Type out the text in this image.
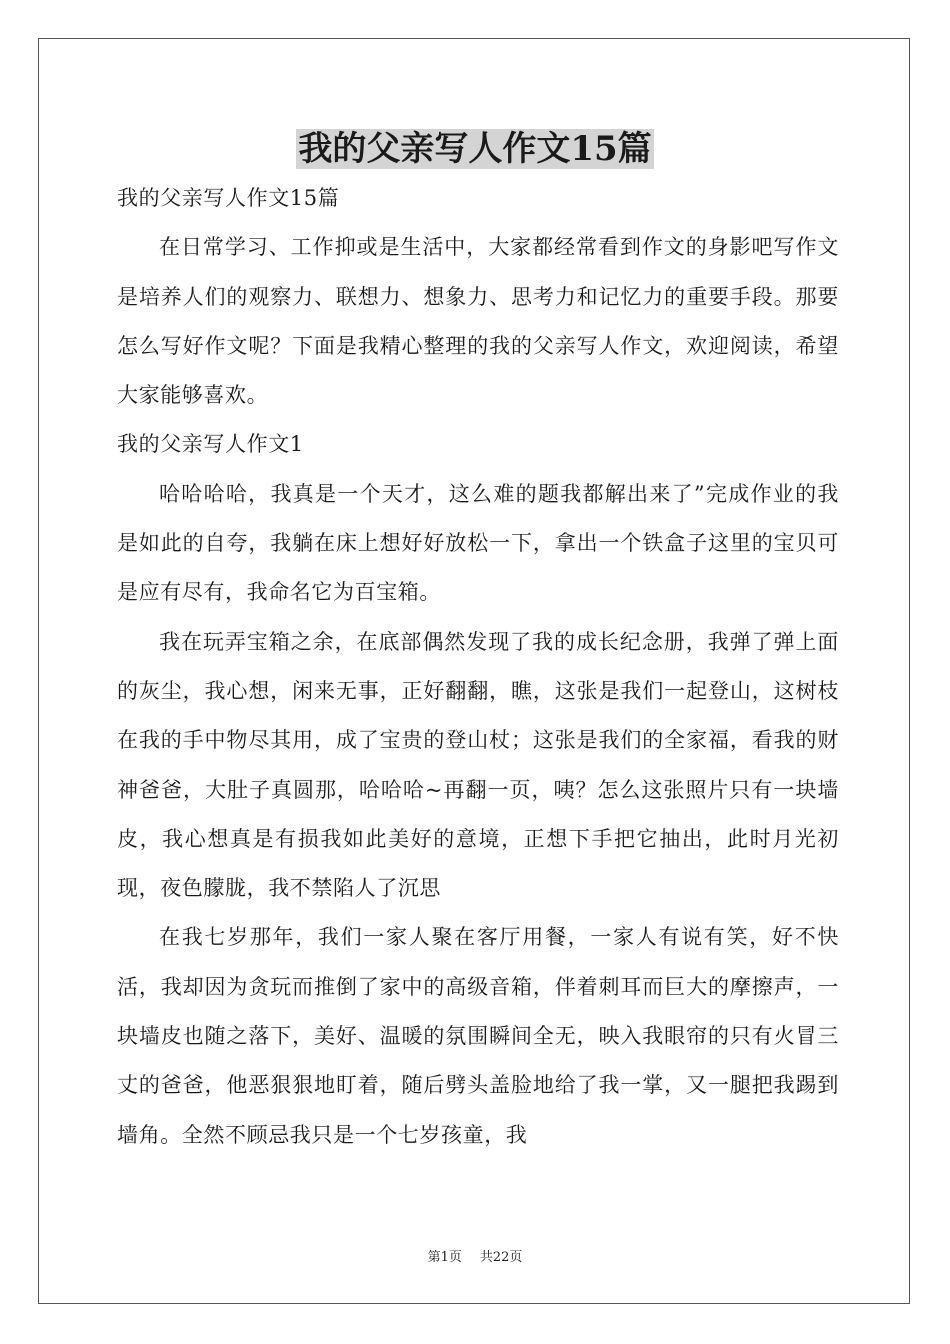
我的父亲写人作文15篇

我的父亲写人作文15篇

在日常学习、工作抑或是生活中，大家都经常看到作文的身影吧写作文是培养人们的观察力、联想力、想象力、思考力和记忆力的重要手段。那要怎么写好作文呢？下面是我精心整理的我的父亲写人作文，欢迎阅读，希望大家能够喜欢。

我的父亲写人作文1

哈哈哈哈，我真是一个天才，这么难的题我都解出来了”完成作业的我是如此的自夸，我躺在床上想好好放松一下，拿出一个铁盒子这里的宝贝可是应有尽有，我命名它为百宝箱。

我在玩弄宝箱之余，在底部偶然发现了我的成长纪念册，我弹了弹上面的灰尘，我心想，闲来无事，正好翻翻，瞧，这张是我们一起登山，这树枝在我的手中物尽其用，成了宝贵的登山杖；这张是我们的全家福，看我的财神爸爸，大肚子真圆那，哈哈哈~再翻一页，咦？怎么这张照片只有一块墙皮，我心想真是有损我如此美好的意境，正想下手把它抽出，此时月光初现，夜色朦胧，我不禁陷人了沉思

在我七岁那年，我们一家人聚在客厅用餐，一家人有说有笑，好不快活，我却因为贪玩而推倒了家中的高级音箱，伴着刺耳而巨大的摩擦声，一块墙皮也随之落下，美好、温暖的氛围瞬间全无，映入我眼帘的只有火冒三丈的爸爸，他恶狠狠地盯着，随后劈头盖脸地给了我一掌，又一腿把我踢到墙角。全然不顾忌我只是一个七岁孩童，我

第1页 共22页
